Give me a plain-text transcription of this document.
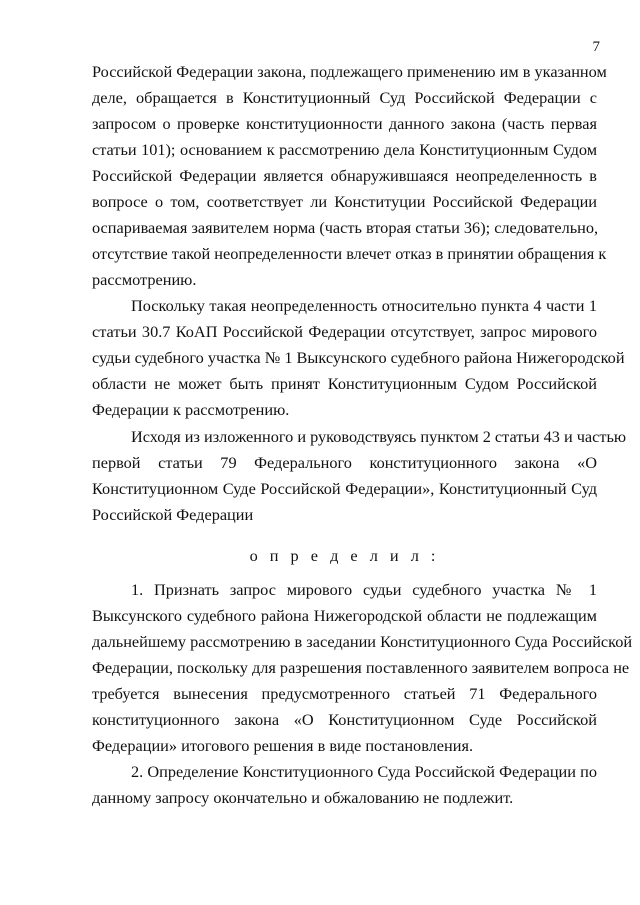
7
Российской Федерации закона, подлежащего применению им в указанном
деле, обращается в Конституционный Суд Российской Федерации с
запросом о проверке конституционности данного закона (часть первая
статьи 101); основанием к рассмотрению дела Конституционным Судом
Российской Федерации является обнаружившаяся неопределенность в
вопросе о том, соответствует ли Конституции Российской Федерации
оспариваемая заявителем норма (часть вторая статьи 36); следовательно,
отсутствие такой неопределенности влечет отказ в принятии обращения к
рассмотрению.
Поскольку такая неопределенность относительно пункта 4 части 1
статьи 30.7 КоАП Российской Федерации отсутствует, запрос мирового
судьи судебного участка № 1 Выксунского судебного района Нижегородской
области не может быть принят Конституционным Судом Российской
Федерации к рассмотрению.
Исходя из изложенного и руководствуясь пунктом 2 статьи 43 и частью
первой статьи 79 Федерального конституционного закона «О
Конституционном Суде Российской Федерации», Конституционный Суд
Российской Федерации
о п р е д е л и л :
1. Признать запрос мирового судьи судебного участка № 1
Выксунского судебного района Нижегородской области не подлежащим
дальнейшему рассмотрению в заседании Конституционного Суда Российской
Федерации, поскольку для разрешения поставленного заявителем вопроса не
требуется вынесения предусмотренного статьей 71 Федерального
конституционного закона «О Конституционном Суде Российской
Федерации» итогового решения в виде постановления.
2. Определение Конституционного Суда Российской Федерации по
данному запросу окончательно и обжалованию не подлежит.
